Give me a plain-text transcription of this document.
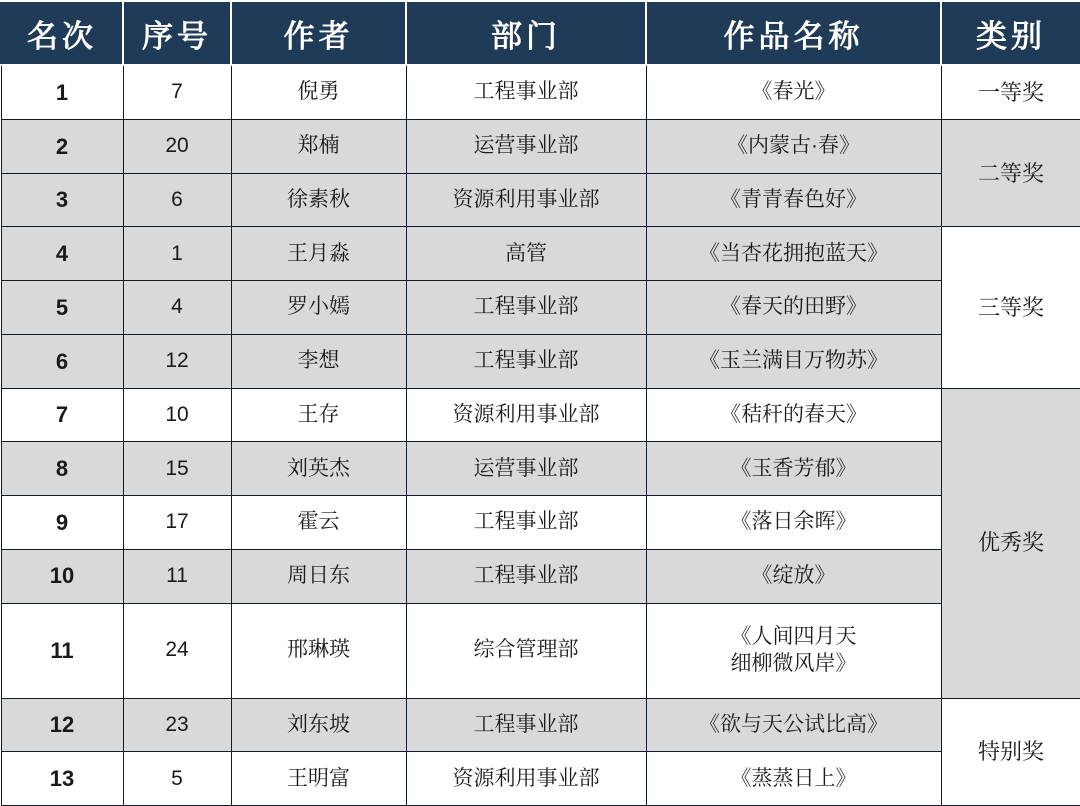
名次	序号	作者	部门	作品名称	类别
1	7	倪勇	工程事业部	《春光》	一等奖
2	20	郑楠	运营事业部	《内蒙古·春》	二等奖
3	6	徐素秋	资源利用事业部	《青青春色好》	

4	1	王月淼	高管	《当杏花拥抱蓝天》	三等奖
5	4	罗小嫣	工程事业部	《春天的田野》	

6	12	李想	工程事业部	《玉兰满目万物苏》	

7	10	王存	资源利用事业部	《秸秆的春天》	优秀奖
8	15	刘英杰	运营事业部	《玉香芳郁》	

9	17	霍云	工程事业部	《落日余晖》	

10	11	周日东	工程事业部	《绽放》	

11	24	邢琳瑛	综合管理部	《人间四月天
细柳微风岸》	

12	23	刘东坡	工程事业部	《欲与天公试比高》	特别奖
13	5	王明富	资源利用事业部	《蒸蒸日上》	
